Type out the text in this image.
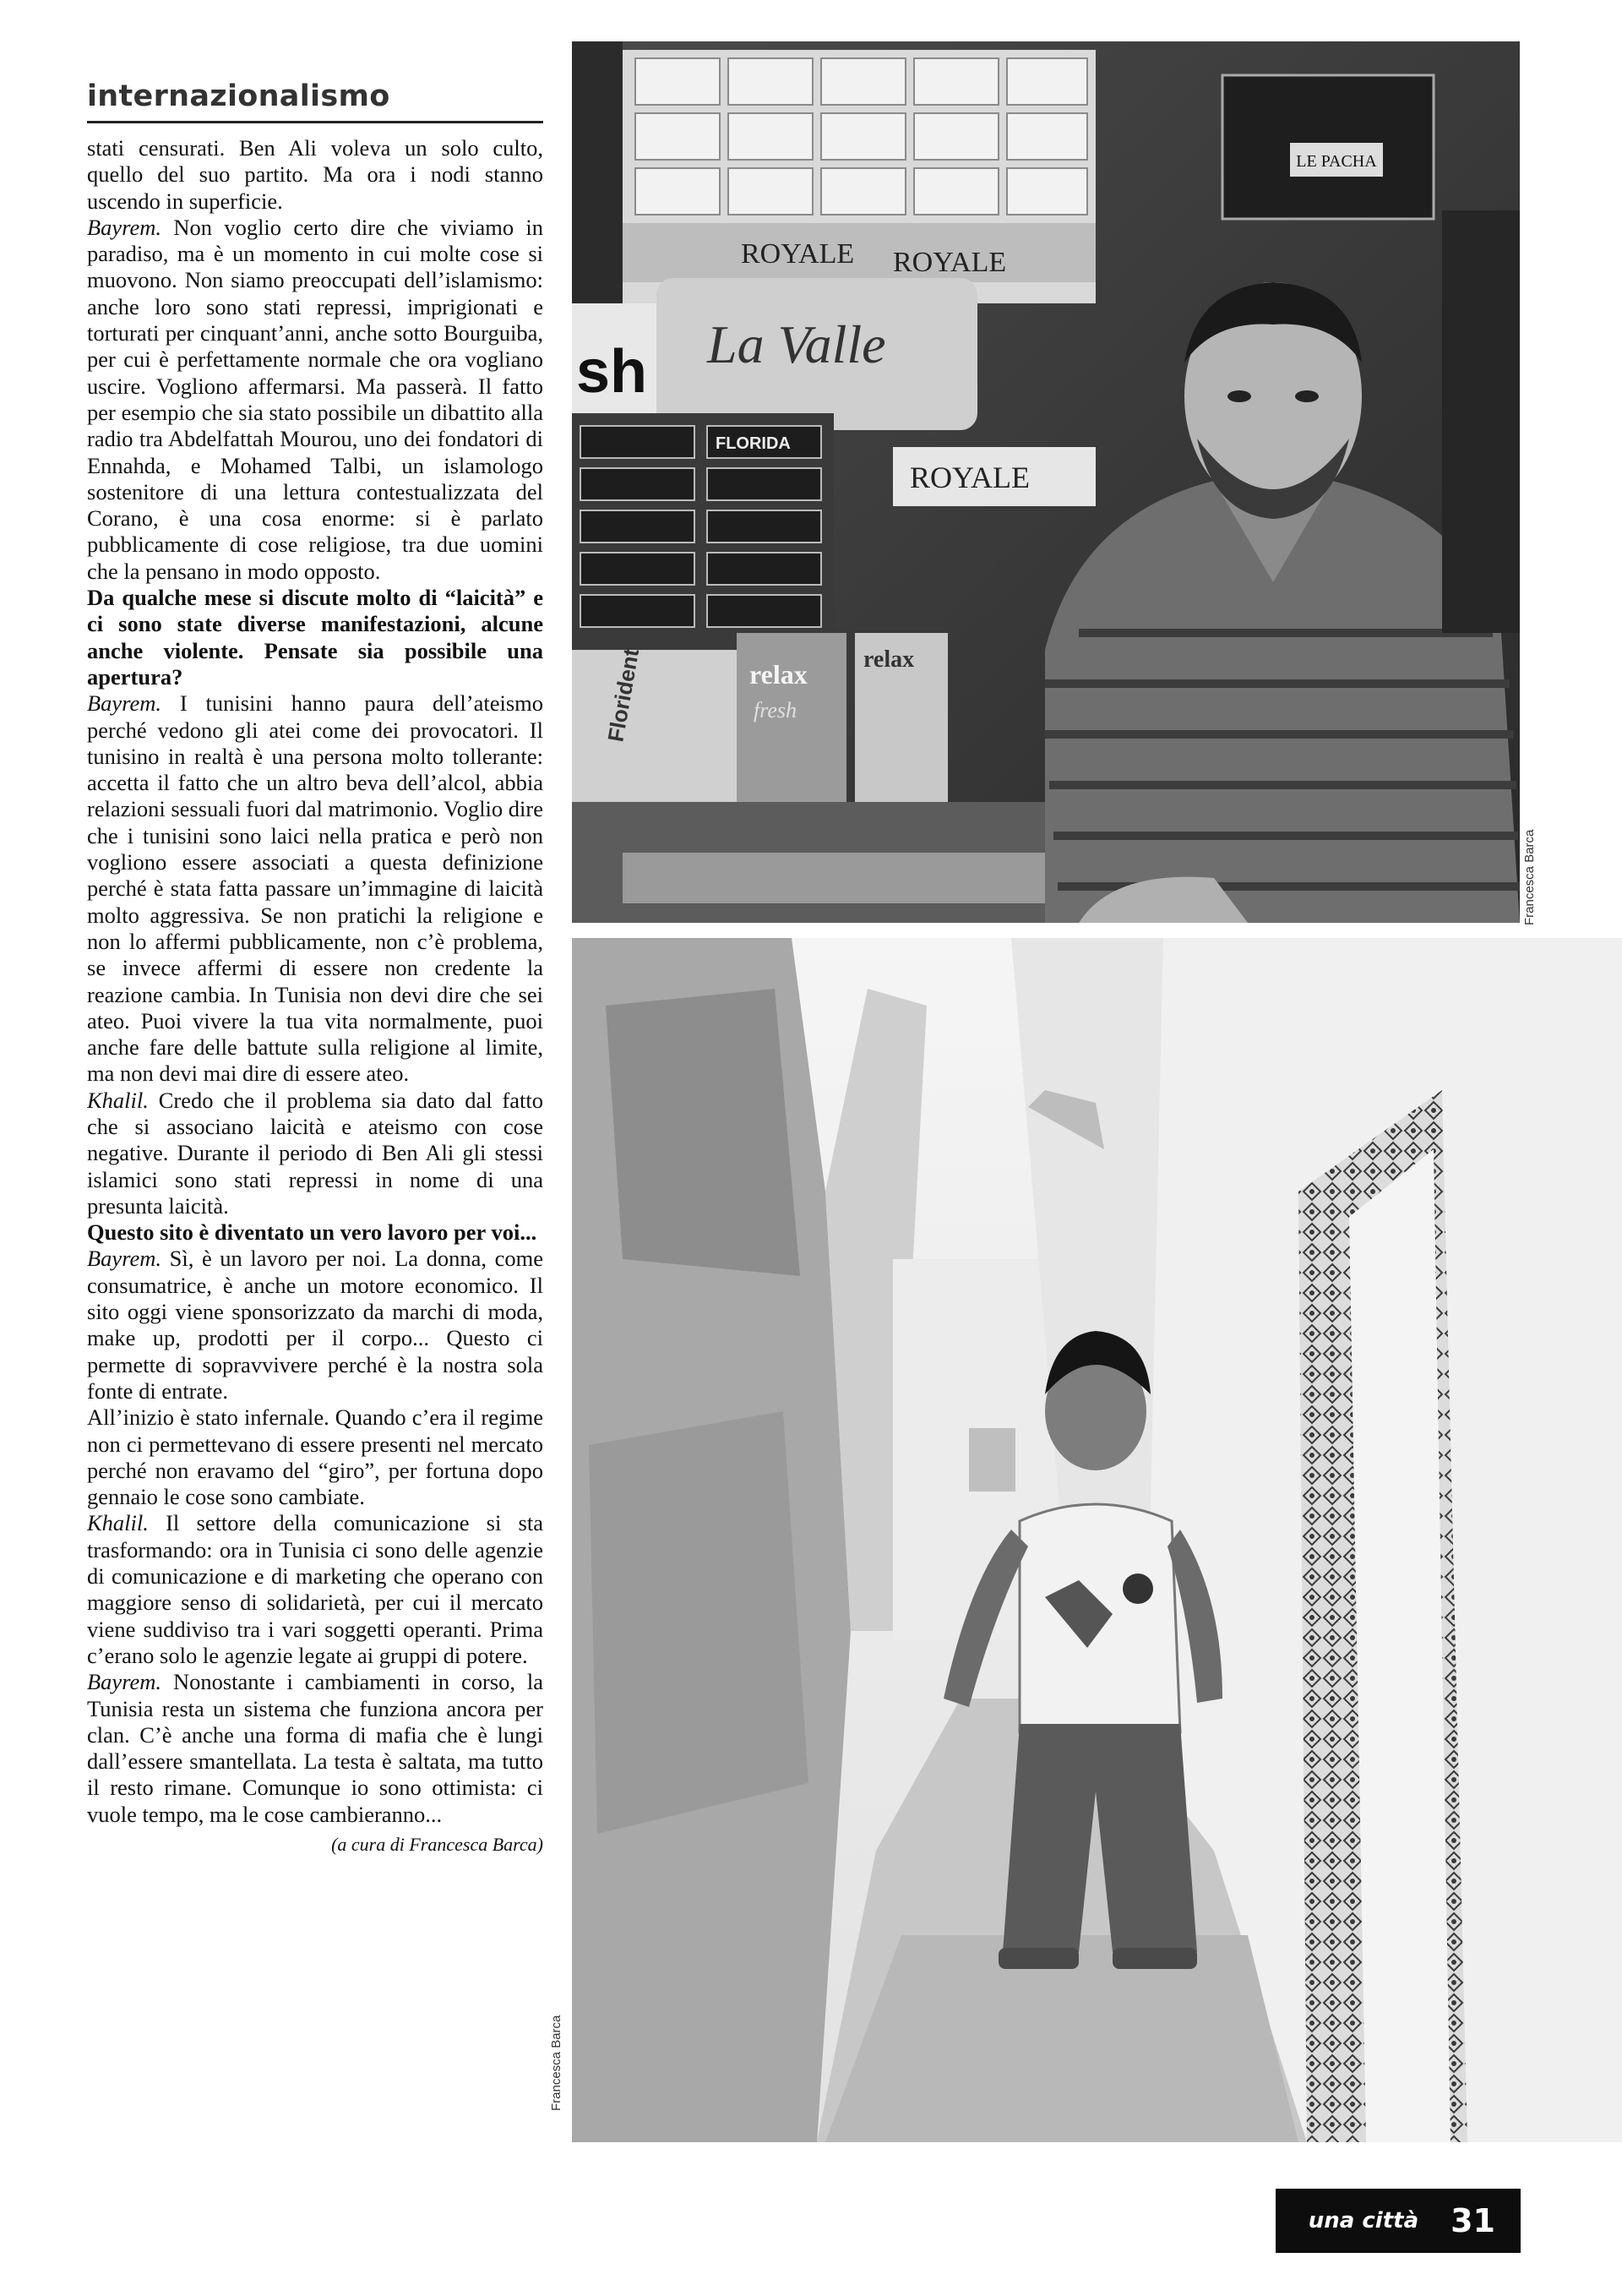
internazionalismo

stati censurati. Ben Ali voleva un solo culto, quello del suo partito. Ma ora i nodi stanno uscendo in superficie.

Bayrem. Non voglio certo dire che viviamo in paradiso, ma è un momento in cui molte cose si muovono. Non siamo preoccupati dell’islamismo: anche loro sono stati repressi, imprigionati e torturati per cinquant’anni, anche sotto Bourguiba, per cui è perfettamente normale che ora vogliano uscire. Vogliono affermarsi. Ma passerà. Il fatto per esempio che sia stato possibile un dibattito alla radio tra Abdelfattah Mourou, uno dei fondatori di Ennahda, e Mohamed Talbi, un islamologo sostenitore di una lettura contestualizzata del Corano, è una cosa enorme: si è parlato pubblicamente di cose religiose, tra due uomini che la pensano in modo opposto.

Da qualche mese si discute molto di “laicità” e ci sono state diverse manifestazioni, alcune anche violente. Pensate sia possibile una apertura?

Bayrem. I tunisini hanno paura dell’ateismo perché vedono gli atei come dei provocatori. Il tunisino in realtà è una persona molto tollerante: accetta il fatto che un altro beva dell’alcol, abbia relazioni sessuali fuori dal matrimonio. Voglio dire che i tunisini sono laici nella pratica e però non vogliono essere associati a questa definizione perché è stata fatta passare un’immagine di laicità molto aggressiva. Se non pratichi la religione e non lo affermi pubblicamente, non c’è problema, se invece affermi di essere non credente la reazione cambia. In Tunisia non devi dire che sei ateo. Puoi vivere la tua vita normalmente, puoi anche fare delle battute sulla religione al limite, ma non devi mai dire di essere ateo.

Khalil. Credo che il problema sia dato dal fatto che si associano laicità e ateismo con cose negative. Durante il periodo di Ben Ali gli stessi islamici sono stati repressi in nome di una presunta laicità.

Questo sito è diventato un vero lavoro per voi...

Bayrem. Sì, è un lavoro per noi. La donna, come consumatrice, è anche un motore economico. Il sito oggi viene sponsorizzato da marchi di moda, make up, prodotti per il corpo... Questo ci permette di sopravvivere perché è la nostra sola fonte di entrate.

All’inizio è stato infernale. Quando c’era il regime non ci permettevano di essere presenti nel mercato perché non eravamo del “giro”, per fortuna dopo gennaio le cose sono cambiate.

Khalil. Il settore della comunicazione si sta trasformando: ora in Tunisia ci sono delle agenzie di comunicazione e di marketing che operano con maggiore senso di solidarietà, per cui il mercato viene suddiviso tra i vari soggetti operanti. Prima c’erano solo le agenzie legate ai gruppi di potere.

Bayrem. Nonostante i cambiamenti in corso, la Tunisia resta un sistema che funziona ancora per clan. C’è anche una forma di mafia che è lungi dall’essere smantellata. La testa è saltata, ma tutto il resto rimane. Comunque io sono ottimista: ci vuole tempo, ma le cose cambieranno...

(a cura di Francesca Barca)

ROYALE ROYALE
LE PACHA
sh La Valle
ROYALE
FLORIDA
Florident	relax
fresh
relax
Francesca Barca
Francesca Barca
una città 31
